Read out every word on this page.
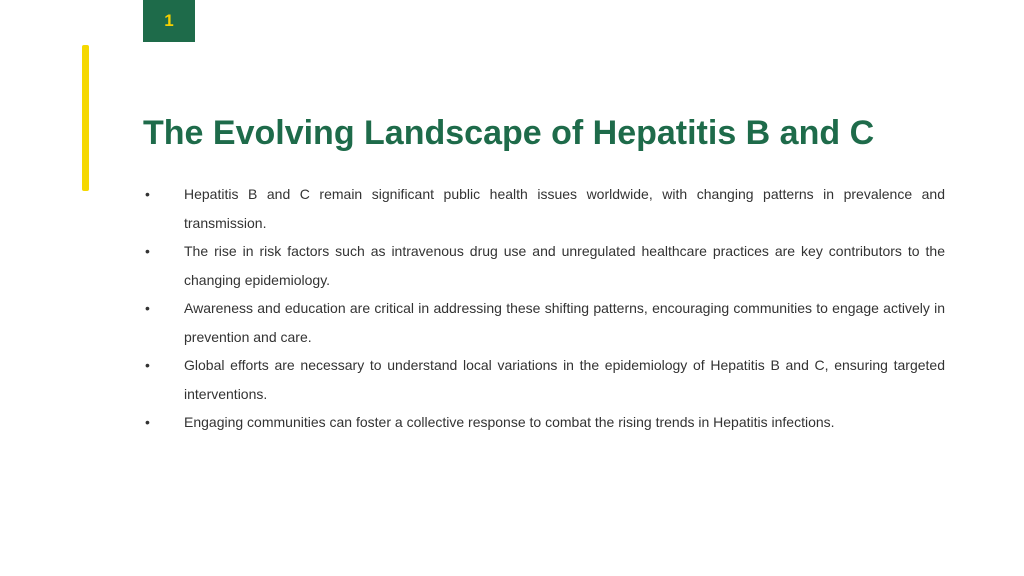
1
The Evolving Landscape of Hepatitis B and C
• Hepatitis B and C remain significant public health issues worldwide, with changing patterns in prevalence and transmission.
• The rise in risk factors such as intravenous drug use and unregulated healthcare practices are key contributors to the changing epidemiology.
• Awareness and education are critical in addressing these shifting patterns, encouraging communities to engage actively in prevention and care.
• Global efforts are necessary to understand local variations in the epidemiology of Hepatitis B and C, ensuring targeted interventions.
• Engaging communities can foster a collective response to combat the rising trends in Hepatitis infections.
